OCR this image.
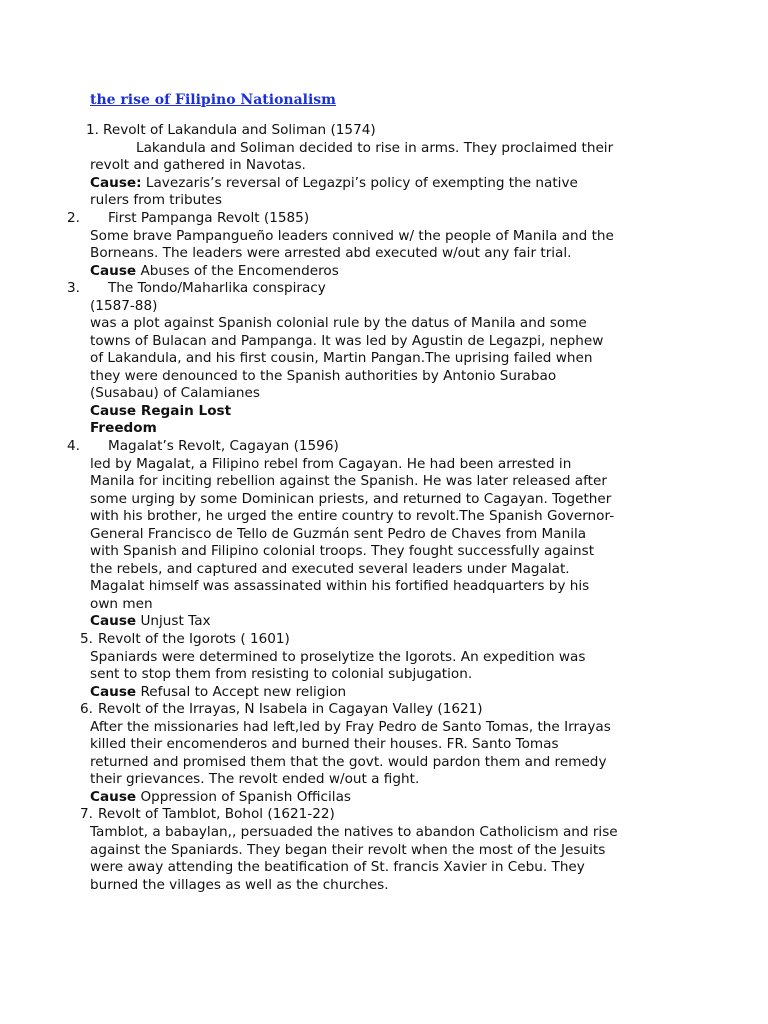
the rise of Filipino Nationalism
1. Revolt of Lakandula and Soliman (1574)
Lakandula and Soliman decided to rise in arms. They proclaimed their
revolt and gathered in Navotas.
Cause: Lavezaris’s reversal of Legazpi’s policy of exempting the native
rulers from tributes
2. First Pampanga Revolt (1585)
Some brave Pampangueño leaders connived w/ the people of Manila and the
Borneans. The leaders were arrested abd executed w/out any fair trial.
Cause Abuses of the Encomenderos
3. The Tondo/Maharlika conspiracy
(1587-88)
was a plot against Spanish colonial rule by the datus of Manila and some
towns of Bulacan and Pampanga. It was led by Agustin de Legazpi, nephew
of Lakandula, and his first cousin, Martin Pangan.The uprising failed when
they were denounced to the Spanish authorities by Antonio Surabao
(Susabau) of Calamianes
Cause Regain Lost
Freedom
4. Magalat’s Revolt, Cagayan (1596)
led by Magalat, a Filipino rebel from Cagayan. He had been arrested in
Manila for inciting rebellion against the Spanish. He was later released after
some urging by some Dominican priests, and returned to Cagayan. Together
with his brother, he urged the entire country to revolt.The Spanish Governor-
General Francisco de Tello de Guzmán sent Pedro de Chaves from Manila
with Spanish and Filipino colonial troops. They fought successfully against
the rebels, and captured and executed several leaders under Magalat.
Magalat himself was assassinated within his fortified headquarters by his
own men
Cause Unjust Tax
5. Revolt of the Igorots ( 1601)
Spaniards were determined to proselytize the Igorots. An expedition was
sent to stop them from resisting to colonial subjugation.
Cause Refusal to Accept new religion
6. Revolt of the Irrayas, N Isabela in Cagayan Valley (1621)
After the missionaries had left,led by Fray Pedro de Santo Tomas, the Irrayas
killed their encomenderos and burned their houses. FR. Santo Tomas
returned and promised them that the govt. would pardon them and remedy
their grievances. The revolt ended w/out a fight.
Cause Oppression of Spanish Officilas
7. Revolt of Tamblot, Bohol (1621-22)
Tamblot, a babaylan,, persuaded the natives to abandon Catholicism and rise
against the Spaniards. They began their revolt when the most of the Jesuits
were away attending the beatification of St. francis Xavier in Cebu. They
burned the villages as well as the churches.
